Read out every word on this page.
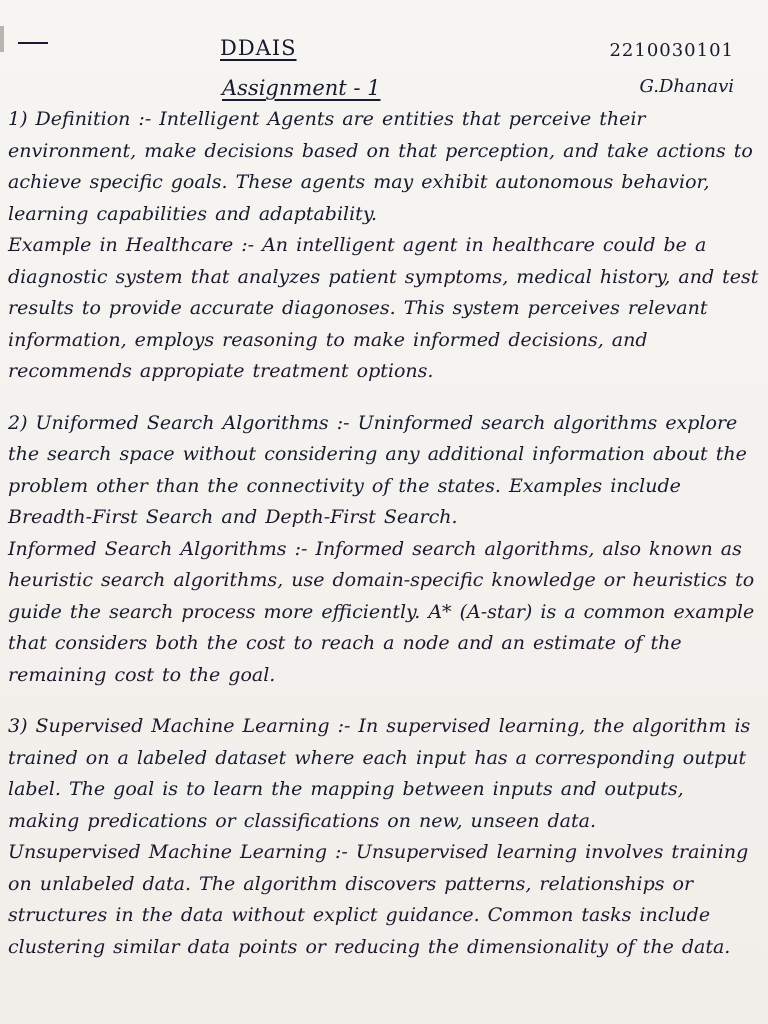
DDAIS
Assignment - 1
2210030101
G.Dhanavi

1) Definition :- Intelligent Agents are entities that perceive their environment, make decisions based on that perception, and take actions to achieve specific goals. These agents may exhibit autonomous behavior, learning capabilities and adaptability.

Example in Healthcare :- An intelligent agent in healthcare could be a diagnostic system that analyzes patient symptoms, medical history, and test results to provide accurate diagonoses. This system perceives relevant information, employs reasoning to make informed decisions, and recommends appropiate treatment options.

2) Uniformed Search Algorithms :- Uninformed search algorithms explore the search space without considering any additional information about the problem other than the connectivity of the states. Examples include Breadth-First Search and Depth-First Search.

Informed Search Algorithms :- Informed search algorithms, also known as heuristic search algorithms, use domain-specific knowledge or heuristics to guide the search process more efficiently. A* (A-star) is a common example that considers both the cost to reach a node and an estimate of the remaining cost to the goal.

3) Supervised Machine Learning :- In supervised learning, the algorithm is trained on a labeled dataset where each input has a corresponding output label. The goal is to learn the mapping between inputs and outputs, making predications or classifications on new, unseen data.

Unsupervised Machine Learning :- Unsupervised learning involves training on unlabeled data. The algorithm discovers patterns, relationships or structures in the data without explict guidance. Common tasks include clustering similar data points or reducing the dimensionality of the data.
